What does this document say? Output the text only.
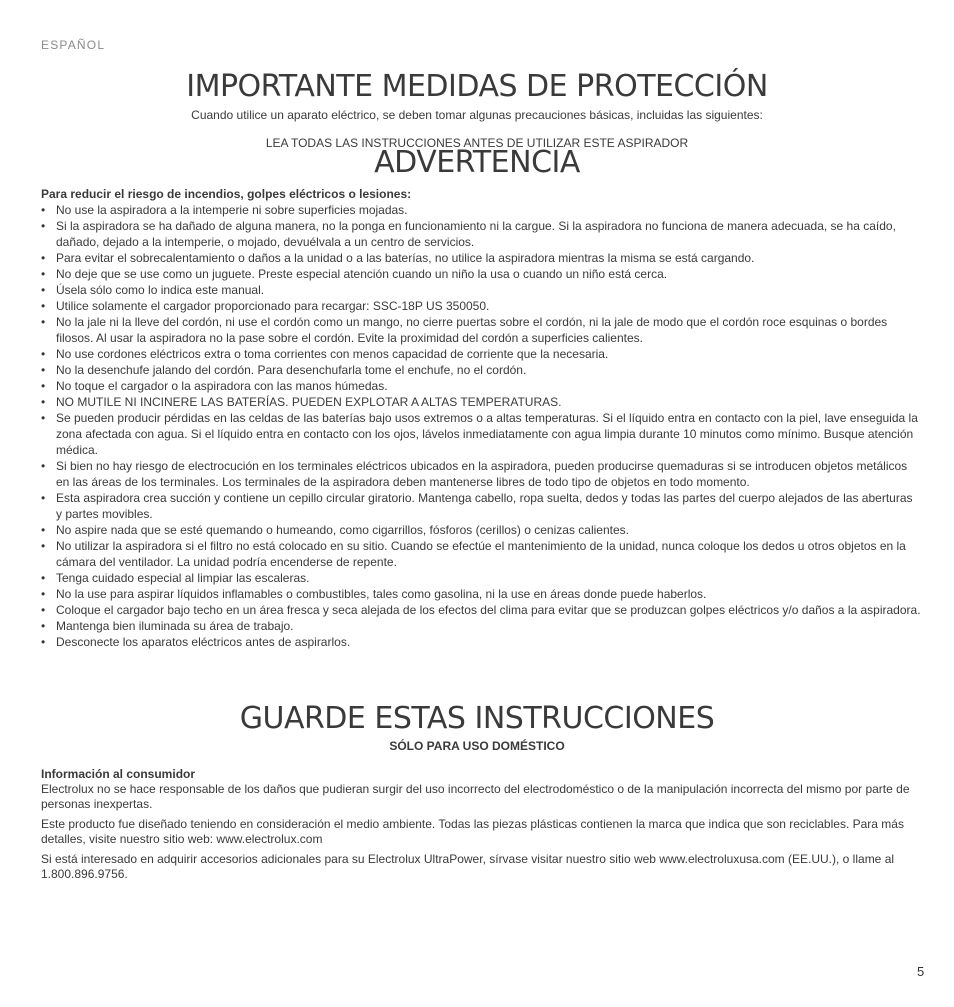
ESPAÑOL
IMPORTANTE MEDIDAS DE PROTECCIÓN
Cuando utilice un aparato eléctrico, se deben tomar algunas precauciones básicas, incluidas las siguientes:
LEA TODAS LAS INSTRUCCIONES ANTES DE UTILIZAR ESTE ASPIRADOR
ADVERTENCIA
Para reducir el riesgo de incendios, golpes eléctricos o lesiones:
• No use la aspiradora a la intemperie ni sobre superficies mojadas.
• Si la aspiradora se ha dañado de alguna manera, no la ponga en funcionamiento ni la cargue. Si la aspiradora no funciona de manera adecuada, se ha caído, dañado, dejado a la intemperie, o mojado, devuélvala a un centro de servicios.
• Para evitar el sobrecalentamiento o daños a la unidad o a las baterías, no utilice la aspiradora mientras la misma se está cargando.
• No deje que se use como un juguete. Preste especial atención cuando un niño la usa o cuando un niño está cerca.
• Úsela sólo como lo indica este manual.
• Utilice solamente el cargador proporcionado para recargar: SSC-18P US 350050.
• No la jale ni la lleve del cordón, ni use el cordón como un mango, no cierre puertas sobre el cordón, ni la jale de modo que el cordón roce esquinas o bordes filosos. Al usar la aspiradora no la pase sobre el cordón. Evite la proximidad del cordón a superficies calientes.
• No use cordones eléctricos extra o toma corrientes con menos capacidad de corriente que la necesaria.
• No la desenchufe jalando del cordón. Para desenchufarla tome el enchufe, no el cordón.
• No toque el cargador o la aspiradora con las manos húmedas.
• NO MUTILE NI INCINERE LAS BATERÍAS. PUEDEN EXPLOTAR A ALTAS TEMPERATURAS.
• Se pueden producir pérdidas en las celdas de las baterías bajo usos extremos o a altas temperaturas. Si el líquido entra en contacto con la piel, lave enseguida la zona afectada con agua. Si el líquido entra en contacto con los ojos, lávelos inmediatamente con agua limpia durante 10 minutos como mínimo. Busque atención médica.
• Si bien no hay riesgo de electrocución en los terminales eléctricos ubicados en la aspiradora, pueden producirse quemaduras si se introducen objetos metálicos en las áreas de los terminales. Los terminales de la aspiradora deben mantenerse libres de todo tipo de objetos en todo momento.
• Esta aspiradora crea succión y contiene un cepillo circular giratorio. Mantenga cabello, ropa suelta, dedos y todas las partes del cuerpo alejados de las aberturas y partes movibles.
• No aspire nada que se esté quemando o humeando, como cigarrillos, fósforos (cerillos) o cenizas calientes.
• No utilizar la aspiradora si el filtro no está colocado en su sitio. Cuando se efectúe el mantenimiento de la unidad, nunca coloque los dedos u otros objetos en la cámara del ventilador. La unidad podría encenderse de repente.
• Tenga cuidado especial al limpiar las escaleras.
• No la use para aspirar líquidos inflamables o combustibles, tales como gasolina, ni la use en áreas donde puede haberlos.
• Coloque el cargador bajo techo en un área fresca y seca alejada de los efectos del clima para evitar que se produzcan golpes eléctricos y/o daños a la aspiradora.
• Mantenga bien iluminada su área de trabajo.
• Desconecte los aparatos eléctricos antes de aspirarlos.
GUARDE ESTAS INSTRUCCIONES
SÓLO PARA USO DOMÉSTICO
Información al consumidor

Electrolux no se hace responsable de los daños que pudieran surgir del uso incorrecto del electrodoméstico o de la manipulación incorrecta del mismo por parte de personas inexpertas.

Este producto fue diseñado teniendo en consideración el medio ambiente. Todas las piezas plásticas contienen la marca que indica que son reciclables. Para más detalles, visite nuestro sitio web: www.electrolux.com

Si está interesado en adquirir accesorios adicionales para su Electrolux UltraPower, sírvase visitar nuestro sitio web www.electroluxusa.com (EE.UU.), o llame al 1.800.896.9756.

5
